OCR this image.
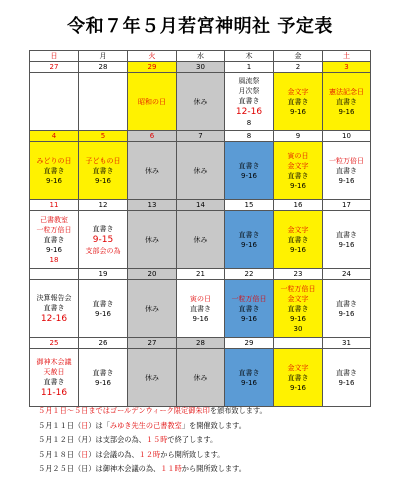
令和７年５月若宮神明社 予定表
日	月	火	水	木	金	土
27	28	29	30	1	2	3

		昭和の日	休み	風流祭
月次祭
直書き
12-16
8	金文字
直書き
9-16	憲法記念日
直書き
9-16

4	5	6	7	8	9	10

みどりの日
直書き
9-16	子どもの日
直書き
9-16	休み	休み	直書き
9-16	寅の日
金文字
直書き
9-16	一粒万倍日
直書き
9-16

11	12	13	14	15	16	17

己書教室
一粒万倍日
直書き
9-16
18	直書き
9-15
支部会の為	休み	休み	直書き
9-16	金文字
直書き
9-16	直書き
9-16

	19	20	21	22	23	24

決算報告会
直書き
12-16	直書き
9-16	休み	寅の日
直書き
9-16	一粒万倍日
直書き
9-16	一粒万倍日
金文字
直書き
9-16
30	直書き
9-16

25	26	27	28	29		31

御神木会議
天赦日
直書き
11-16	直書き
9-16	休み	休み	直書き
9-16	金文字
直書き
9-16	直書き
9-16
５月１日～５日まではゴールデンウィーク限定御朱印を頒布致します。
５月１１日（日）は「みゆき先生の己書教室」を開催致します。
５月１２日（月）は支部会の為、１５時で終了します。
５月１８日（日）は会議の為、１２時から開所致します。
５月２５日（日）は御神木会議の為、１１時から開所致します。
